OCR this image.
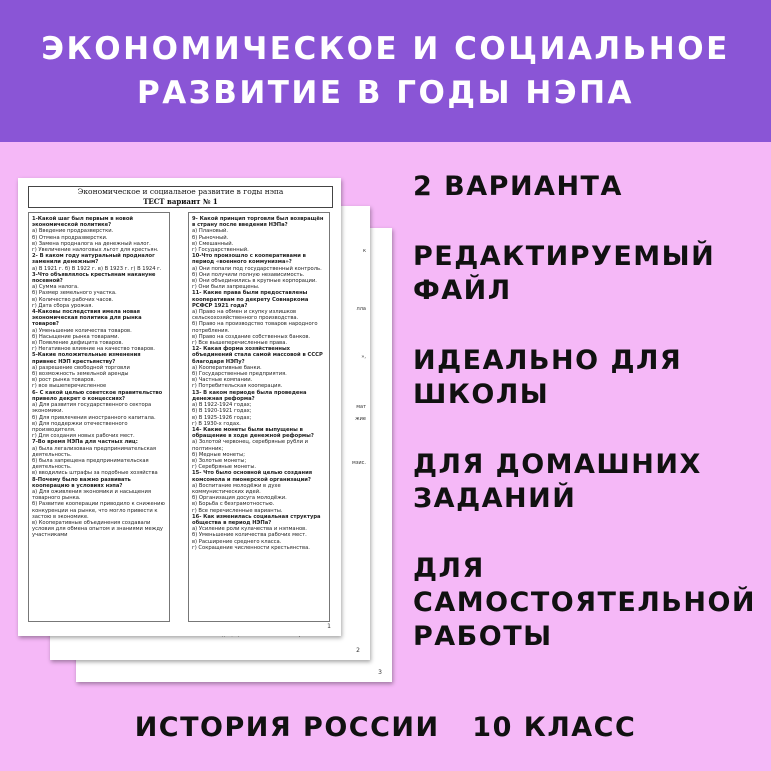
ЭКОНОМИЧЕСКОЕ И СОЦИАЛЬНОЕ
РАЗВИТИЕ В ГОДЫ НЭПА
3
к
лла
»,
мат
жие
мзис.
2
Экономическое и социальное развитие в годы нэпа
ТЕСТ вариант № 1
1-Какой шаг был первым в новой экономической политике?
а) Введение продразверстки.
б) Отмена продразверстки.
в) Замена продналога на денежный налог.
г) Увеличение налоговых льгот для крестьян.
2- В каком году натуральный продналог заменили денежным?
а) В 1921 г. б) В 1922 г. в) В 1923 г. г) В 1924 г.
3-Что объявлялось крестьянам накануне посевной?
а) Сумма налога.
б) Размер земельного участка.
в) Количество рабочих часов.
г) Дата сбора урожая.
4-Каковы последствия имела новая экономическая политика для рынка товаров?
а) Уменьшение количества товаров.
б) Насыщение рынка товарами.
в) Появление дефицита товаров.
г) Негативное влияние на качество товаров.
5-Какие положительные изменения привнес НЭП крестьянству?
а) разрешение свободной торговли
б) возможность земельной аренды
в) рост рынка товаров.
г) все вышеперечисленное
6- С какой целью советское правительство привело декрет о концессиях?
а) Для развития государственного сектора экономики.
б) Для привлечения иностранного капитала.
в) Для поддержки отечественного производителя.
г) Для создания новых рабочих мест.
7-Во время НЭПа для частных лиц:
а) была легализована предпринимательская деятельность.
б) была запрещена предпринимательская деятельность.
в) вводились штрафы за подобные хозяйства
8-Почему было важно развивать кооперацию в условиях нэпа?
а) Для оживления экономики и насыщения товарного рынка.
б) Развитие кооперации приводило к снижению конкуренции на рынке, что могло привести к застою в экономике.
в) Кооперативные объединения создавали условия для обмена опытом и знаниями между участниками
9- Какой принцип торговли был возвращён в страну после введения НЭПа?
а) Плановый.
б) Рыночный.
в) Смешанный.
г) Государственный.
10-Что произошло с кооперативами в период «военного коммунизма»?
а) Они попали под государственный контроль.
б) Они получили полную независимость.
в) Они объединились в крупные корпорации.
г) Они были запрещены.
11- Какие права были предоставлены кооперативам по декрету Совнаркома РСФСР 1921 года?
а) Право на обмен и скупку излишков сельскохозяйственного производства.
б) Право на производство товаров народного потребления.
в) Право на создание собственных банков.
г) Все вышеперечисленные права.
12- Какая форма хозяйственных объединений стала самой массовой в СССР благодаря НЭПу?
а) Кооперативные банки.
б) Государственные предприятия.
в) Частные компании.
г) Потребительская кооперация.
13- В каком периоде была проведена денежная реформа?
а) В 1922-1924 годах;
б) В 1920-1921 годах;
в) В 1925-1926 годах;
г) В 1930-х годах.
14- Какие монеты были выпущены в обращение в ходе денежной реформы?
а) Золотой червонец, серебряные рубли и полтинник;
б) Медные монеты;
в) Золотые монеты;
г) Серебряные монеты.
15- Что было основной целью создания комсомола и пионерской организации?
а) Воспитание молодёжи в духе коммунистических идей.
б) Организация досуга молодёжи.
в) Борьба с безграмотностью.
г) Все перечисленные варианты.
16- Как изменилась социальная структура общества в период НЭПа?
а) Усиление роли кулачества и нэпманов.
б) Уменьшение количества рабочих мест.
в) Расширение среднего класса.
г) Сокращение численности крестьянства.
1
2 ВАРИАНТА
РЕДАКТИРУЕМЫЙ
ФАЙЛ
ИДЕАЛЬНО ДЛЯ
ШКОЛЫ
ДЛЯ ДОМАШНИХ
ЗАДАНИЙ
ДЛЯ
САМОСТОЯТЕЛЬНОЙ
РАБОТЫ
ИСТОРИЯ РОССИИ   10 КЛАСС
